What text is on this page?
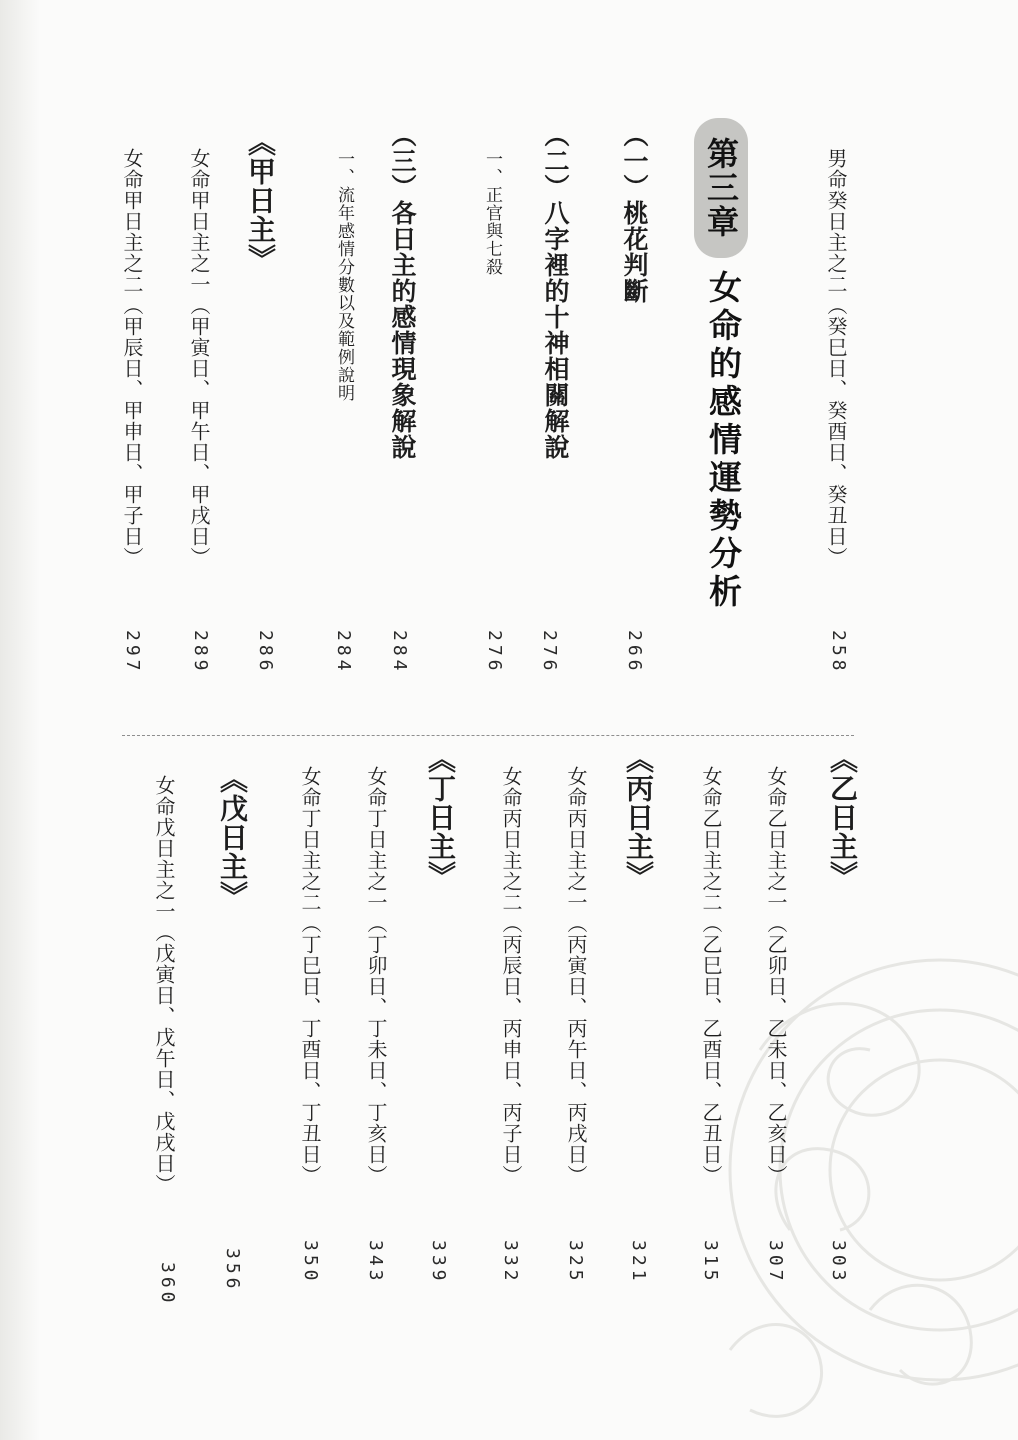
第三章
女命的感情運勢分析	男命癸日主之二（癸巳日、癸酉日、癸丑日）
258
（一）桃花判斷
266
（二）八字裡的十神相關解說
276
一、正官與七殺
276
（三）各日主的感情現象解說
284
一、流年感情分數以及範例說明
284
《甲日主》
286
女命甲日主之一（甲寅日、甲午日、甲戌日）
289
女命甲日主之二（甲辰日、甲申日、甲子日）
297
《乙日主》
303
女命乙日主之一（乙卯日、乙未日、乙亥日）
307
女命乙日主之二（乙巳日、乙酉日、乙丑日）
315
《丙日主》
321
女命丙日主之一（丙寅日、丙午日、丙戌日）
325
女命丙日主之二（丙辰日、丙申日、丙子日）
332
《丁日主》
339
女命丁日主之一（丁卯日、丁未日、丁亥日）
343
女命丁日主之二（丁巳日、丁酉日、丁丑日）
350
《戊日主》
356
女命戊日主之一（戊寅日、戊午日、戊戌日）
360
